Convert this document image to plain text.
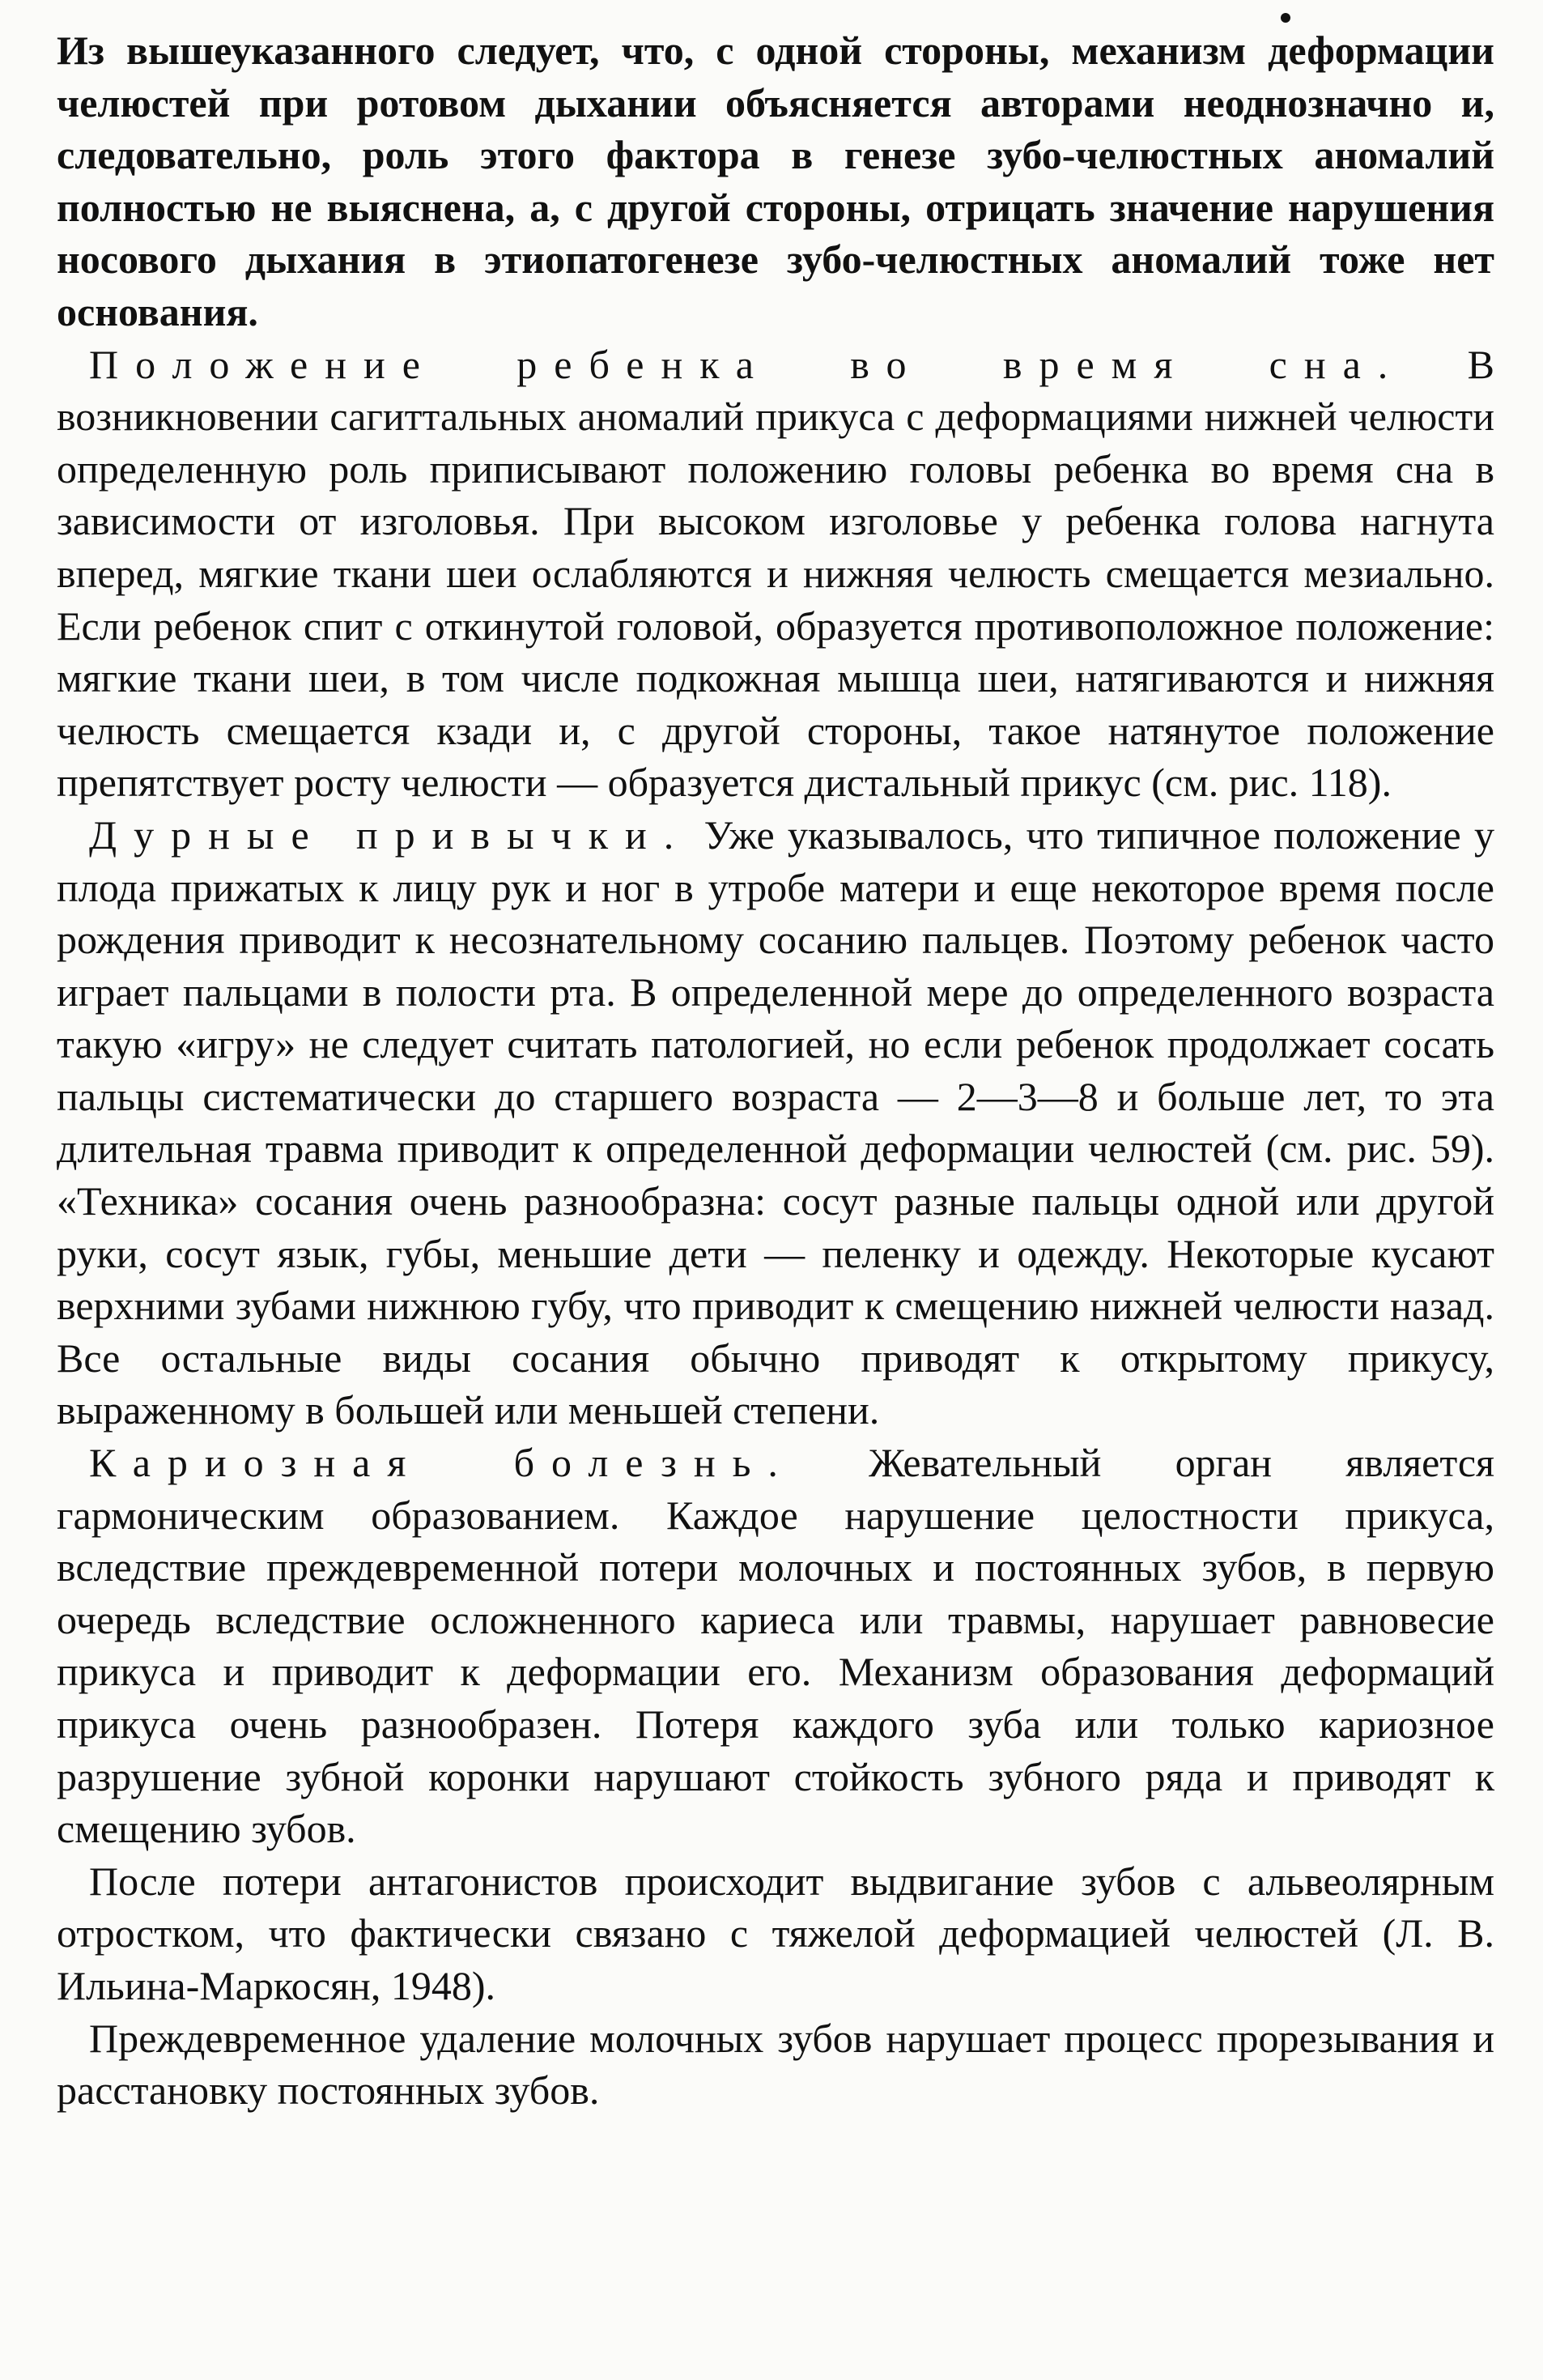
Из вышеуказанного следует, что, с одной стороны, механизм деформации челюстей при ротовом дыхании объясняется авторами неоднозначно и, следовательно, роль этого фактора в генезе зубо-челюстных аномалий полностью не выяснена, а, с другой стороны, отрицать значение нарушения носового дыхания в этиопатогенезе зубо-челюстных аномалий тоже нет основания.

Положение ребенка во время сна. В возникновении сагиттальных аномалий прикуса с деформациями нижней челюсти определенную роль приписывают положению головы ребенка во время сна в зависимости от изголовья. При высоком изголовье у ребенка голова нагнута вперед, мягкие ткани шеи ослабляются и нижняя челюсть смещается мезиально. Если ребенок спит с откинутой головой, образуется противоположное положение: мягкие ткани шеи, в том числе подкожная мышца шеи, натягиваются и нижняя челюсть смещается кзади и, с другой стороны, такое натянутое положение препятствует росту челюсти — образуется дистальный прикус (см. рис. 118).

Дурные привычки. Уже указывалось, что типичное положение у плода прижатых к лицу рук и ног в утробе матери и еще некоторое время после рождения приводит к несознательному сосанию пальцев. Поэтому ребенок часто играет пальцами в полости рта. В определенной мере до определенного возраста такую «игру» не следует считать патологией, но если ребенок продолжает сосать пальцы систематически до старшего возраста — 2—3—8 и больше лет, то эта длительная травма приводит к определенной деформации челюстей (см. рис. 59). «Техника» сосания очень разнообразна: сосут разные пальцы одной или другой руки, сосут язык, губы, меньшие дети — пеленку и одежду. Некоторые кусают верхними зубами нижнюю губу, что приводит к смещению нижней челюсти назад. Все остальные виды сосания обычно приводят к открытому прикусу, выраженному в большей или меньшей степени.

Кариозная болезнь. Жевательный орган является гармоническим образованием. Каждое нарушение целостности прикуса, вследствие преждевременной потери молочных и постоянных зубов, в первую очередь вследствие осложненного кариеса или травмы, нарушает равновесие прикуса и приводит к деформации его. Механизм образования деформаций прикуса очень разнообразен. Потеря каждого зуба или только кариозное разрушение зубной коронки нарушают стойкость зубного ряда и приводят к смещению зубов.

После потери антагонистов происходит выдвигание зубов с альвеолярным отростком, что фактически связано с тяжелой деформацией челюстей (Л. В. Ильина-Маркосян, 1948).

Преждевременное удаление молочных зубов нарушает процесс прорезывания и расстановку постоянных зубов.
